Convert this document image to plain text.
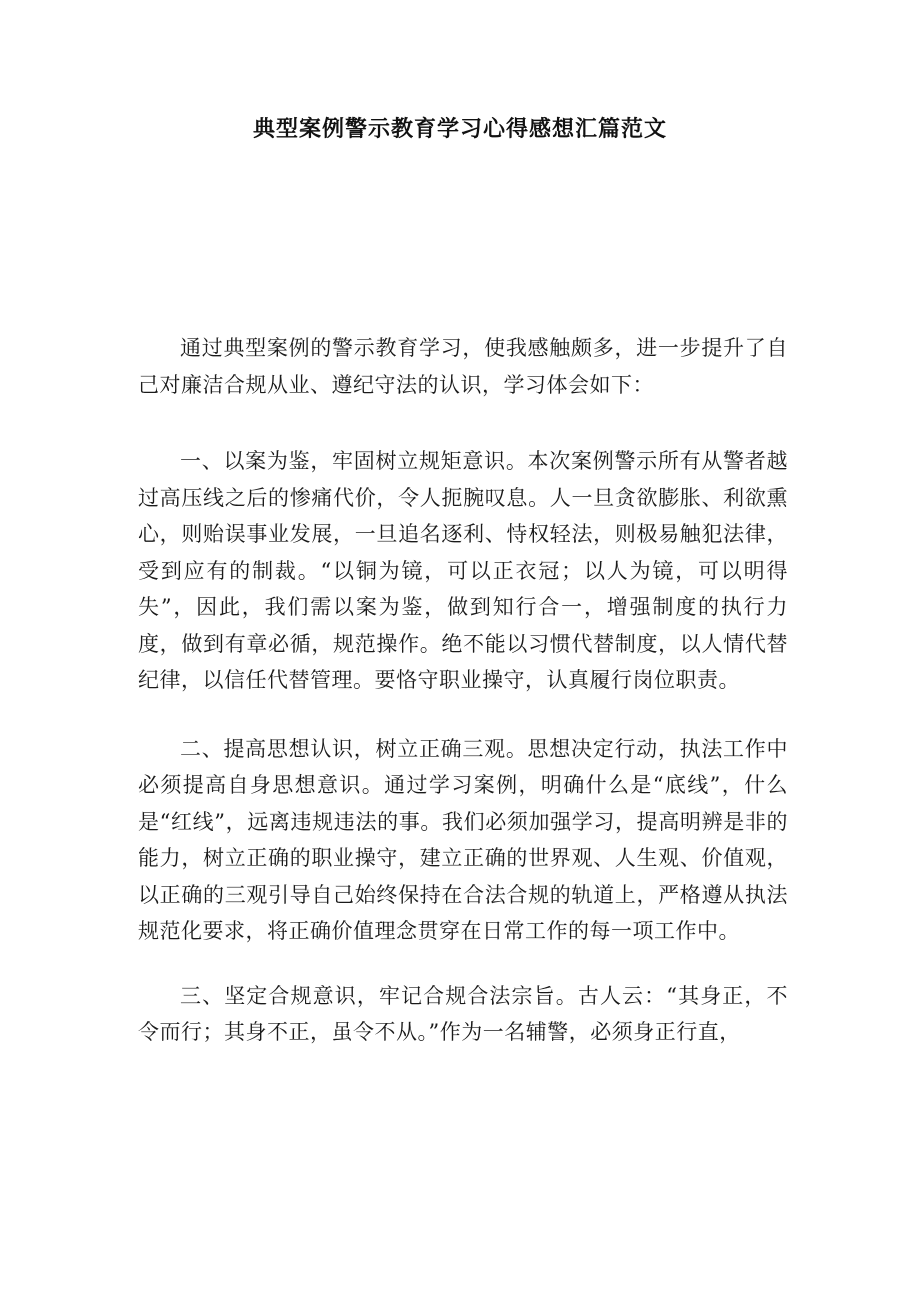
典型案例警示教育学习心得感想汇篇范文

通过典型案例的警示教育学习，使我感触颇多，进一步提升了自己对廉洁合规从业、遵纪守法的认识，学习体会如下：

一、以案为鉴，牢固树立规矩意识。本次案例警示所有从警者越过高压线之后的惨痛代价，令人扼腕叹息。人一旦贪欲膨胀、利欲熏心，则贻误事业发展，一旦追名逐利、恃权轻法，则极易触犯法律，受到应有的制裁。“以铜为镜，可以正衣冠；以人为镜，可以明得失”，因此，我们需以案为鉴，做到知行合一，增强制度的执行力度，做到有章必循，规范操作。绝不能以习惯代替制度，以人情代替纪律，以信任代替管理。要恪守职业操守，认真履行岗位职责。

二、提高思想认识，树立正确三观。思想决定行动，执法工作中必须提高自身思想意识。通过学习案例，明确什么是“底线”，什么是“红线”，远离违规违法的事。我们必须加强学习，提高明辨是非的能力，树立正确的职业操守，建立正确的世界观、人生观、价值观，以正确的三观引导自己始终保持在合法合规的轨道上，严格遵从执法规范化要求，将正确价值理念贯穿在日常工作的每一项工作中。

三、坚定合规意识，牢记合规合法宗旨。古人云：“其身正，不令而行；其身不正，虽令不从。”作为一名辅警，必须身正行直，
